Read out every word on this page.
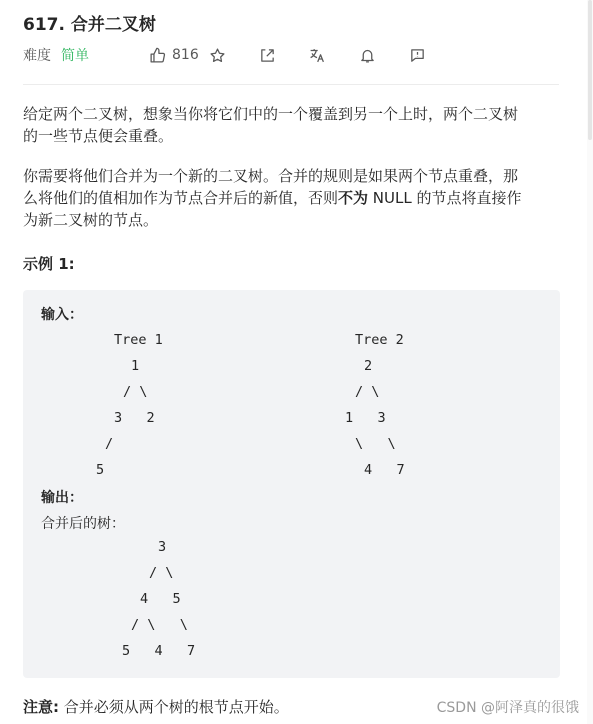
617. 合并二叉树
难度 简单	816
给定两个二叉树，想象当你将它们中的一个覆盖到另一个上时，两个二叉树
的一些节点便会重叠。
你需要将他们合并为一个新的二叉树。合并的规则是如果两个节点重叠，那
么将他们的值相加作为节点合并后的新值，否则不为 NULL 的节点将直接作
为新二叉树的节点。
示例 1:
输入：
Tree 1
1
/ \
3   2
/
5
Tree 2
2
/ \
1   3
\   \
4   7
输出：
合并后的树：
3
/ \
4   5
/ \   \
5   4   7
注意: 合并必须从两个树的根节点开始。	CSDN @阿泽真的很饿
